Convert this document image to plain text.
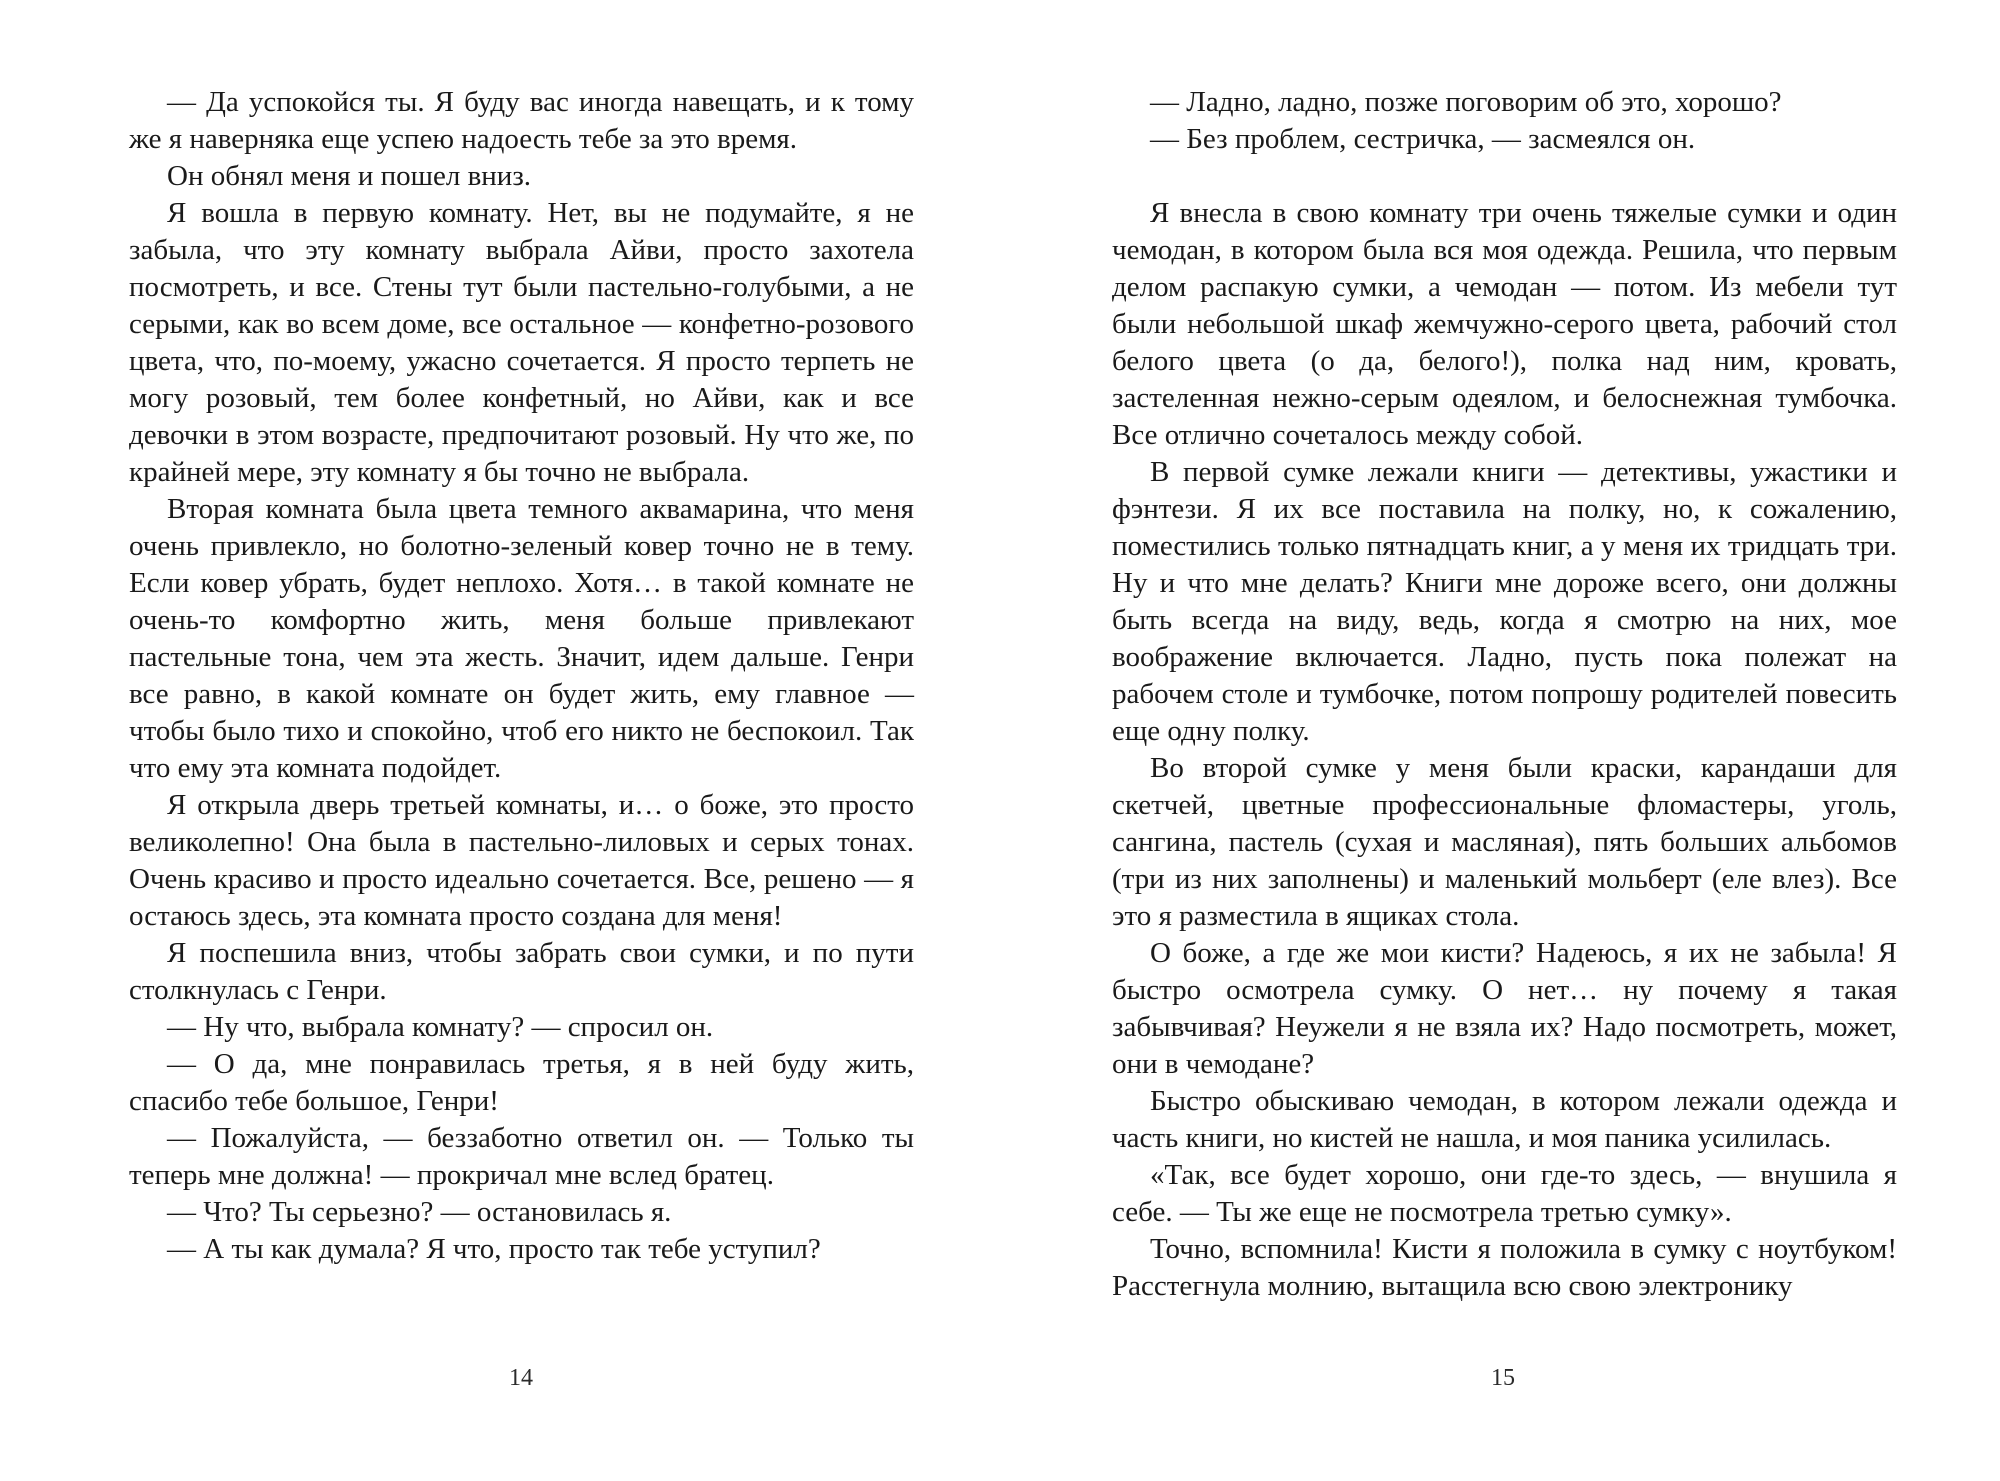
— Да успокойся ты. Я буду вас иногда навещать, и к тому же я наверняка еще успею надоесть тебе за это время.

Он обнял меня и пошел вниз.

Я вошла в первую комнату. Нет, вы не подумайте, я не забыла, что эту комнату выбрала Айви, просто захотела посмотреть, и все. Стены тут были пастельно-голубыми, а не серыми, как во всем доме, все остальное — конфетно-розового цвета, что, по-моему, ужасно сочетается. Я просто терпеть не могу розовый, тем более конфетный, но Айви, как и все девочки в этом возрасте, предпочитают розовый. Ну что же, по крайней мере, эту комнату я бы точно не выбрала.

Вторая комната была цвета темного аквамарина, что меня очень привлекло, но болотно-зеленый ковер точно не в тему. Если ковер убрать, будет неплохо. Хотя… в такой комнате не очень-то комфортно жить, меня больше привлекают пастельные тона, чем эта жесть. Значит, идем дальше. Генри все равно, в какой комнате он будет жить, ему главное — чтобы было тихо и спокойно, чтоб его никто не беспокоил. Так что ему эта комната подойдет.

Я открыла дверь третьей комнаты, и… о боже, это просто великолепно! Она была в пастельно-лиловых и серых тонах. Очень красиво и просто идеально сочетается. Все, решено — я остаюсь здесь, эта комната просто создана для меня!

Я поспешила вниз, чтобы забрать свои сумки, и по пути столкнулась с Генри.

— Ну что, выбрала комнату? — спросил он.

— О да, мне понравилась третья, я в ней буду жить, спасибо тебе большое, Генри!

— Пожалуйста, — беззаботно ответил он. — Только ты теперь мне должна! — прокричал мне вслед братец.

— Что? Ты серьезно? — остановилась я.

— А ты как думала? Я что, просто так тебе уступил?

14

— Ладно, ладно, позже поговорим об это, хорошо?

— Без проблем, сестричка, — засмеялся он.

Я внесла в свою комнату три очень тяжелые сумки и один чемодан, в котором была вся моя одежда. Решила, что первым делом распакую сумки, а чемодан — потом. Из мебели тут были небольшой шкаф жемчужно-серого цвета, рабочий стол белого цвета (о да, белого!), полка над ним, кровать, застеленная нежно-серым одеялом, и белоснежная тумбочка. Все отлично сочеталось между собой.

В первой сумке лежали книги — детективы, ужастики и фэнтези. Я их все поставила на полку, но, к сожалению, поместились только пятнадцать книг, а у меня их тридцать три. Ну и что мне делать? Книги мне дороже всего, они должны быть всегда на виду, ведь, когда я смотрю на них, мое воображение включается. Ладно, пусть пока полежат на рабочем столе и тумбочке, потом попрошу родителей повесить еще одну полку.

Во второй сумке у меня были краски, карандаши для скетчей, цветные профессиональные фломастеры, уголь, сангина, пастель (сухая и масляная), пять больших альбомов (три из них заполнены) и маленький мольберт (еле влез). Все это я разместила в ящиках стола.

О боже, а где же мои кисти? Надеюсь, я их не забыла! Я быстро осмотрела сумку. О нет… ну почему я такая забывчивая? Неужели я не взяла их? Надо посмотреть, может, они в чемодане?

Быстро обыскиваю чемодан, в котором лежали одежда и часть книги, но кистей не нашла, и моя паника усилилась.

«Так, все будет хорошо, они где-то здесь, — внушила я себе. — Ты же еще не посмотрела третью сумку».

Точно, вспомнила! Кисти я положила в сумку с ноутбуком! Расстегнула молнию, вытащила всю свою электронику

15
